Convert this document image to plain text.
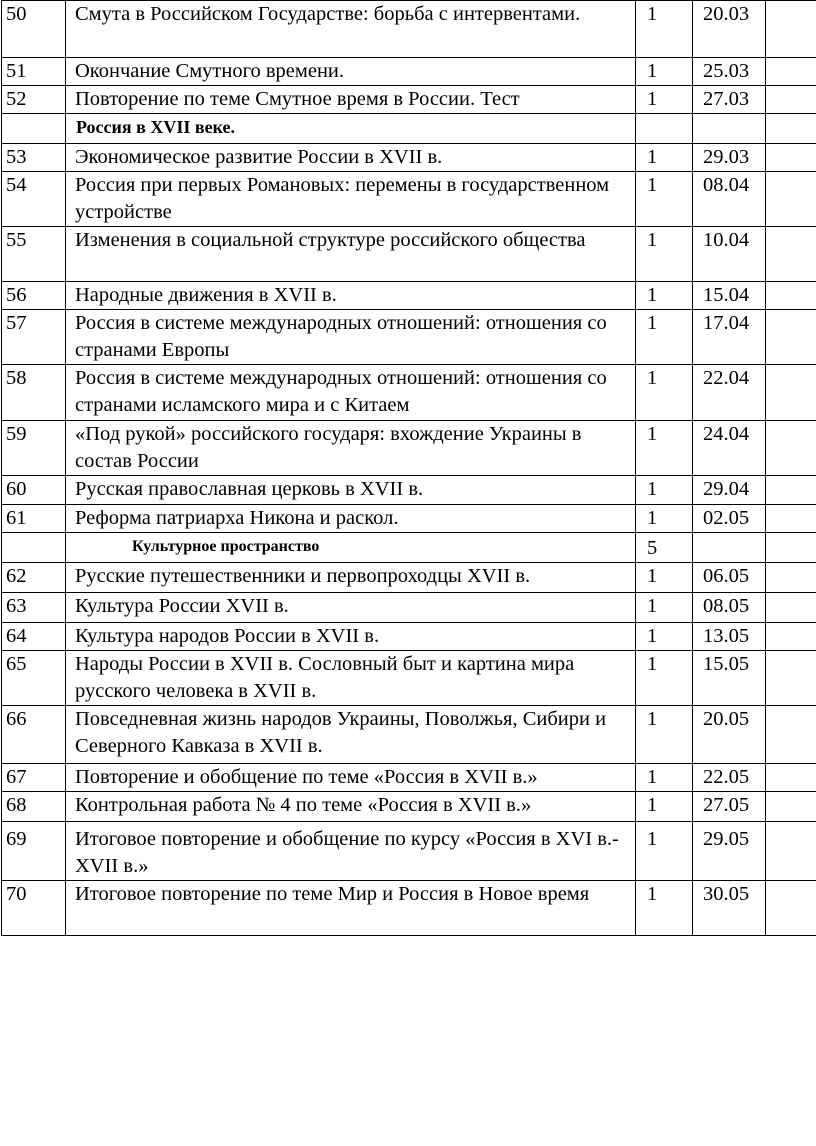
50	Смута в Российском Государстве: борьба с интервентами.	1	20.03	
51	Окончание Смутного времени.	1	25.03	
52	Повторение по теме Смутное время в России. Тест	1	27.03	
	Россия в XVII веке.			
53	Экономическое развитие России в XVII в.	1	29.03	
54	Россия при первых Романовых: перемены в государственном устройстве	1	08.04	
55	Изменения в социальной структуре российского общества	1	10.04	
56	Народные движения в XVII в.	1	15.04	
57	Россия в системе международных отношений: отношения со странами Европы	1	17.04	
58	Россия в системе международных отношений: отношения со странами исламского мира и с Китаем	1	22.04	
59	«Под рукой» российского государя: вхождение Украины в состав России	1	24.04	
60	Русская православная церковь в XVII в.	1	29.04	
61	Реформа патриарха Никона и раскол.	1	02.05	
	Культурное пространство	5		
62	Русские путешественники и первопроходцы XVII в.	1	06.05	
63	Культура России XVII в.	1	08.05	
64	Культура народов России в XVII в.	1	13.05	
65	Народы России в XVII в. Сословный быт и картина мира русского человека в XVII в.	1	15.05	
66	Повседневная жизнь народов Украины, Поволжья, Сибири и Северного Кавказа в XVII в.	1	20.05	
67	Повторение и обобщение по теме «Россия в XVII в.»	1	22.05	
68	Контрольная работа № 4 по теме «Россия в XVII в.»	1	27.05	
69	Итоговое повторение и обобщение по курсу «Россия в XVI в.- XVII в.»	1	29.05	
70	Итоговое повторение по теме Мир и Россия в Новое время	1	30.05	
